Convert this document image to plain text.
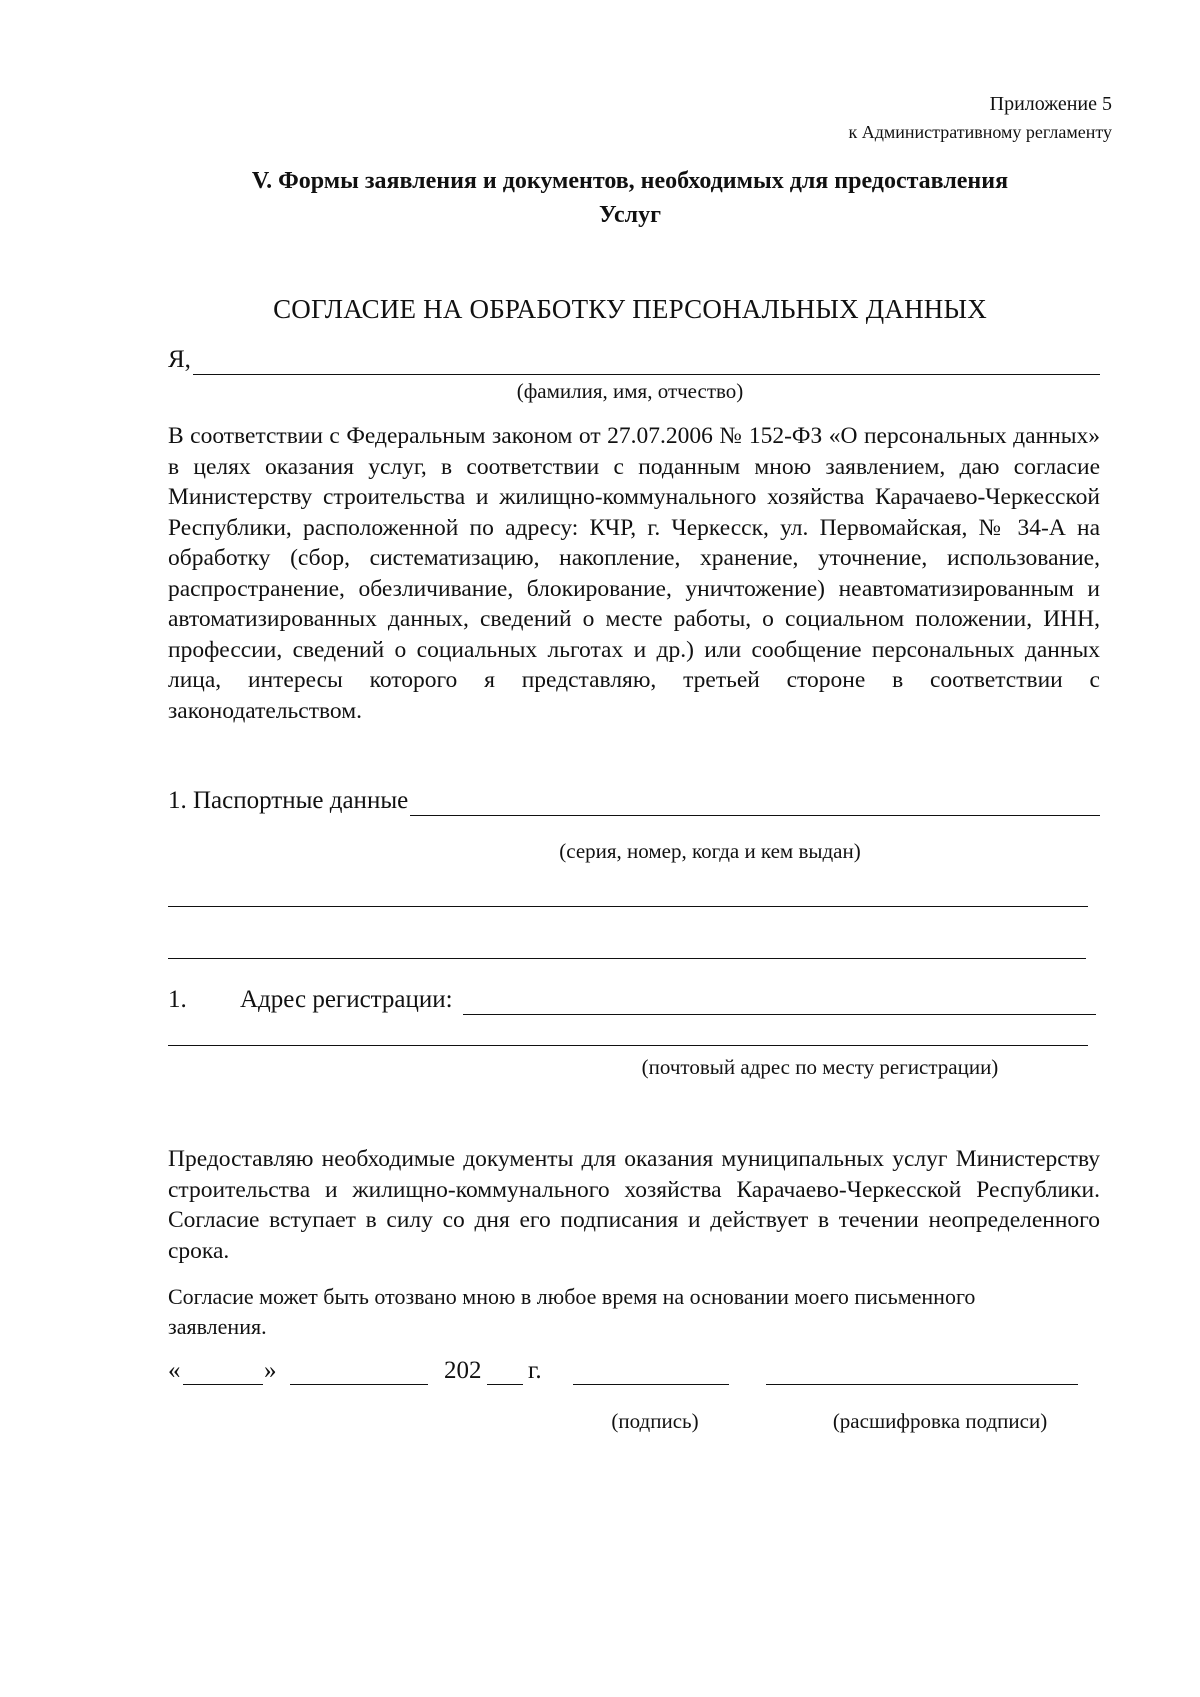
Приложение 5
к Административному регламенту
V. Формы заявления и документов, необходимых для предоставления
Услуг
СОГЛАСИЕ НА ОБРАБОТКУ ПЕРСОНАЛЬНЫХ ДАННЫХ
Я,
(фамилия, имя, отчество)
В соответствии с Федеральным законом от 27.07.2006 № 152-ФЗ «О персональных данных» в целях оказания услуг, в соответствии с поданным мною заявлением, даю согласие Министерству строительства и жилищно-коммунального хозяйства Карачаево-Черкесской Республики, расположенной по адресу: КЧР, г. Черкесск, ул. Первомайская, № 34-А на обработку (сбор, систематизацию, накопление, хранение, уточнение, использование, распространение, обезличивание, блокирование, уничтожение) неавтоматизированным и автоматизированных данных, сведений о месте работы, о социальном положении, ИНН, профессии, сведений о социальных льготах и др.) или сообщение персональных данных лица, интересы которого я представляю, третьей стороне в соответствии с законодательством.
1. Паспортные данные
(серия, номер, когда и кем выдан)
1.	Адрес регистрации:
(почтовый адрес по месту регистрации)
Предоставляю необходимые документы для оказания муниципальных услуг Министерству строительства и жилищно-коммунального хозяйства Карачаево-Черкесской Республики. Согласие вступает в силу со дня его подписания и действует в течении неопределенного срока.
Согласие может быть отозвано мною в любое время на основании моего письменного
заявления.
«	»	202 г.
(подпись)	(расшифровка подписи)
